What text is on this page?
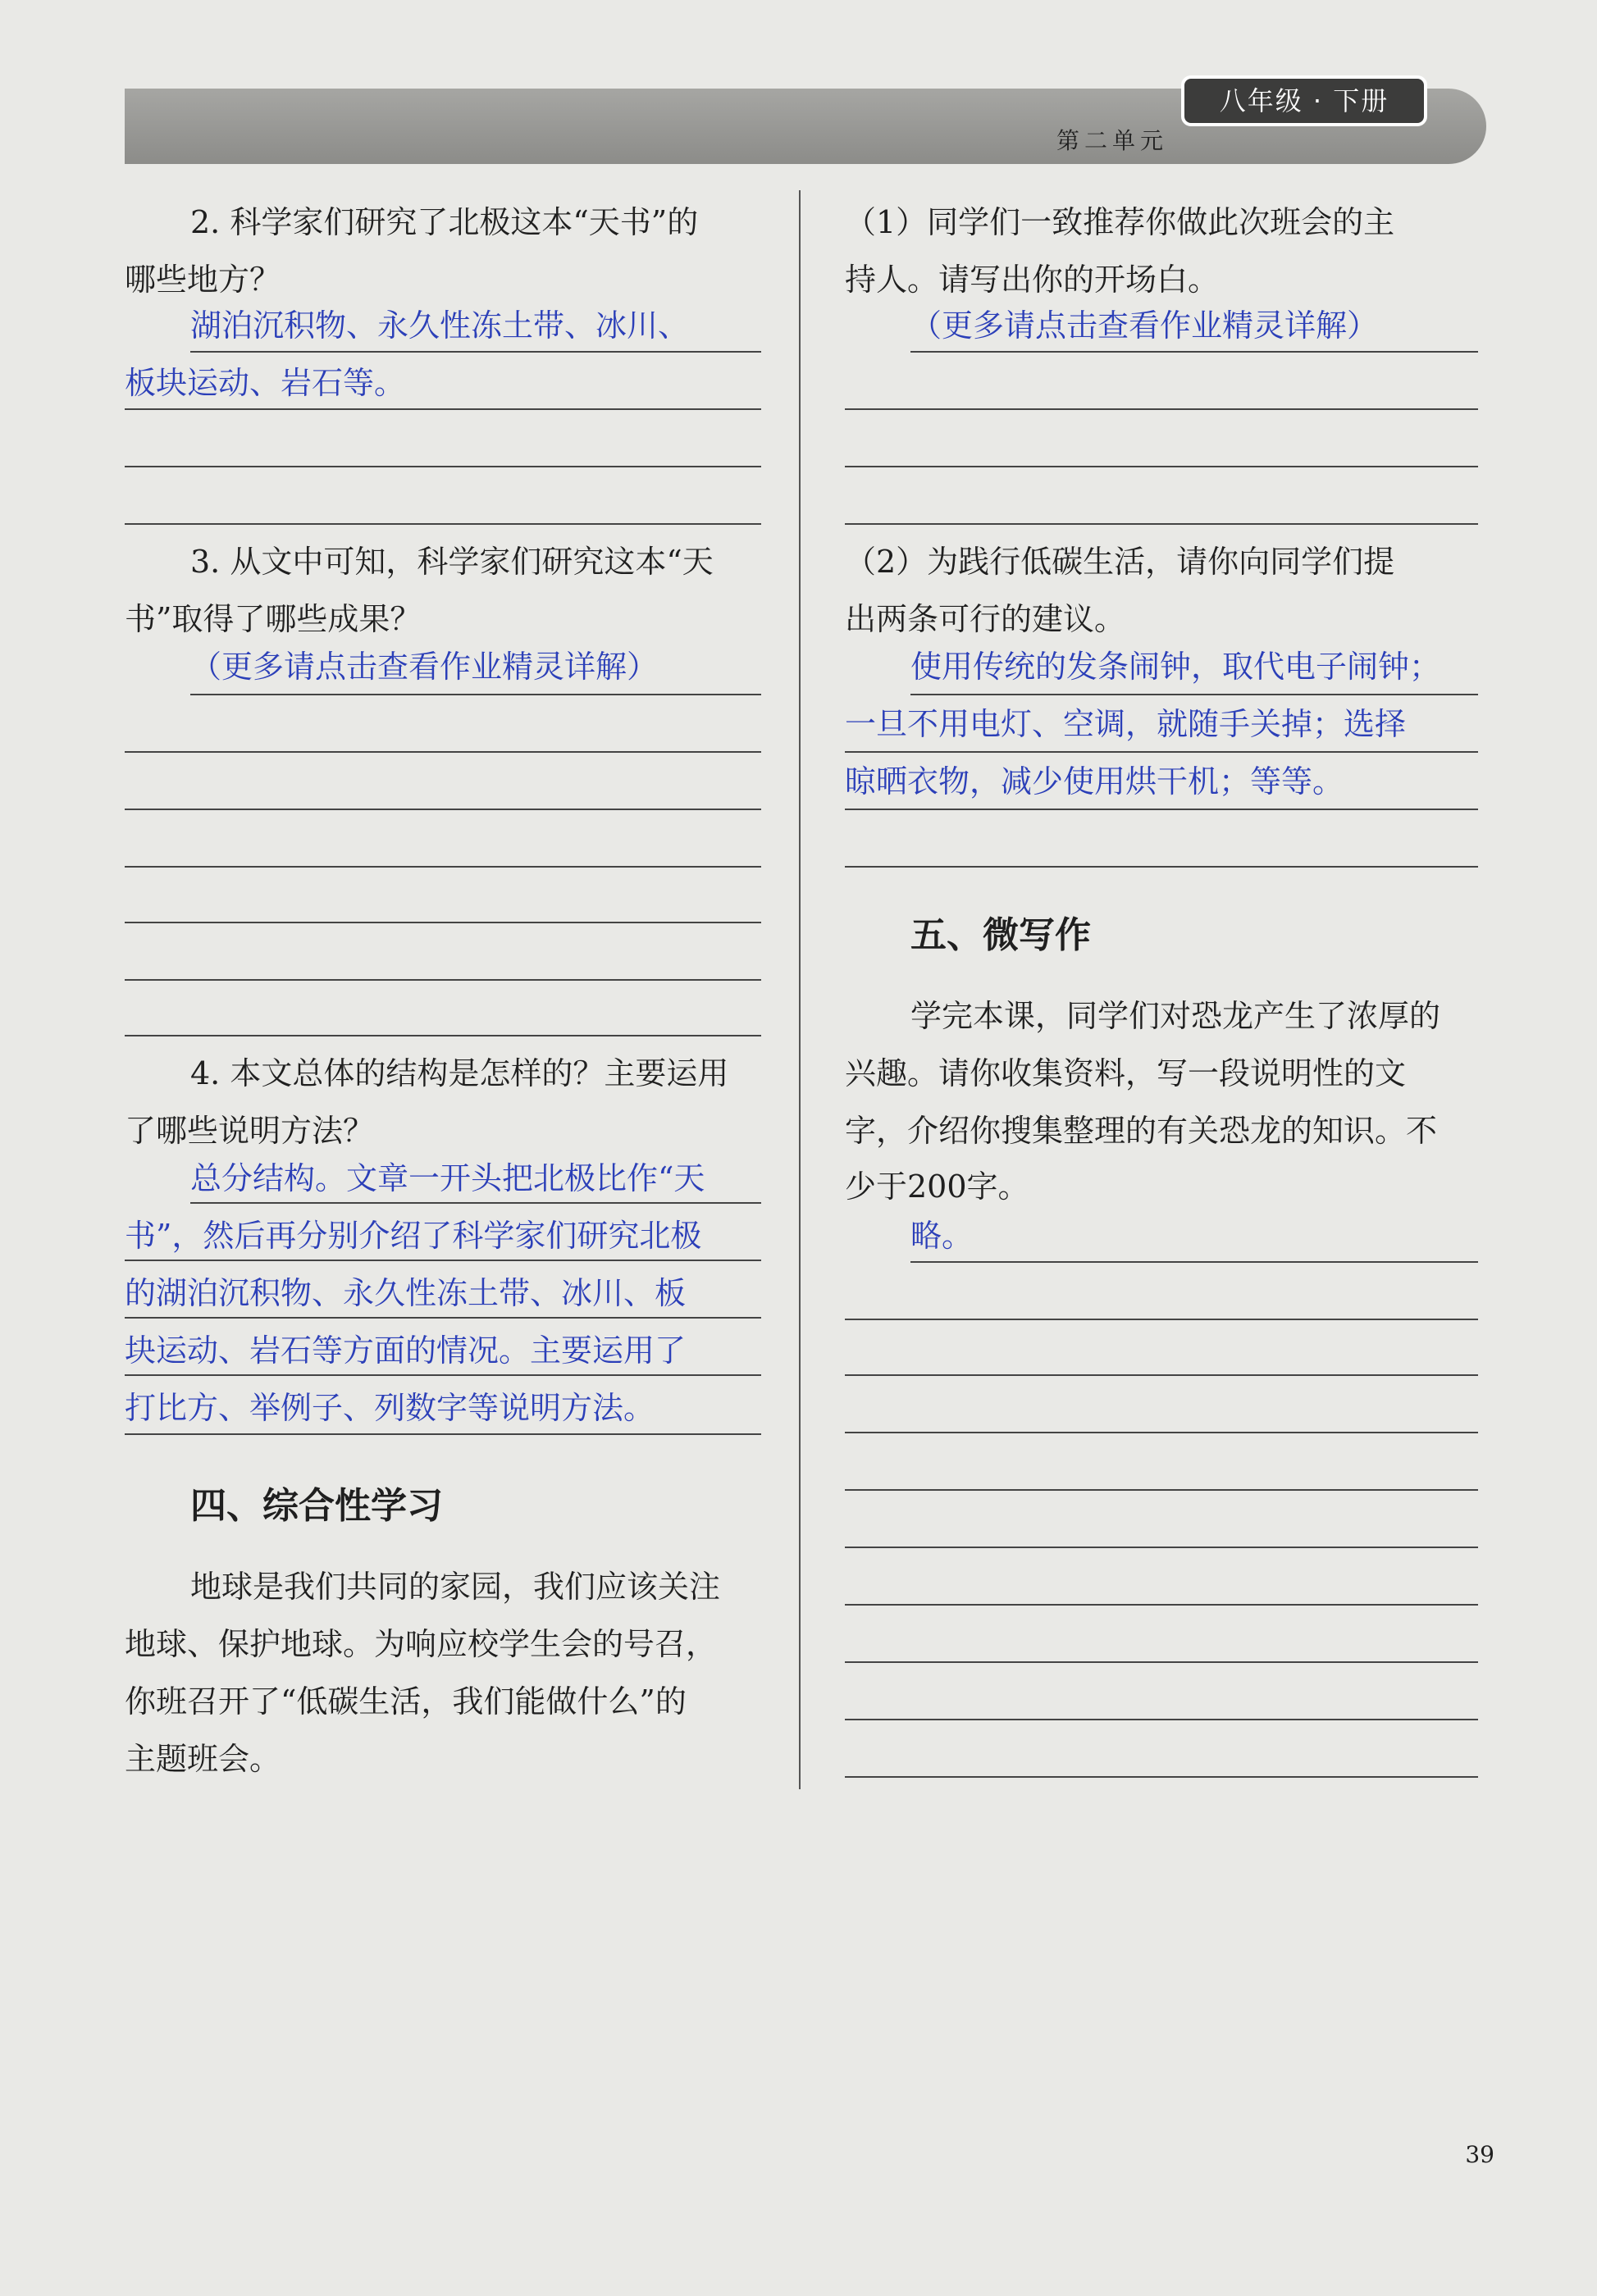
八年级 · 下册
第二单元
2. 科学家们研究了北极这本“天书”的
哪些地方？
湖泊沉积物、永久性冻土带、冰川、
板块运动、岩石等。
3. 从文中可知，科学家们研究这本“天
书”取得了哪些成果？
（更多请点击查看作业精灵详解）
4. 本文总体的结构是怎样的？主要运用
了哪些说明方法？
总分结构。文章一开头把北极比作“天
书”，然后再分别介绍了科学家们研究北极
的湖泊沉积物、永久性冻土带、冰川、板
块运动、岩石等方面的情况。主要运用了
打比方、举例子、列数字等说明方法。
四、综合性学习
地球是我们共同的家园，我们应该关注
地球、保护地球。为响应校学生会的号召，
你班召开了“低碳生活，我们能做什么”的
主题班会。
（1）同学们一致推荐你做此次班会的主
持人。请写出你的开场白。
（更多请点击查看作业精灵详解）
（2）为践行低碳生活，请你向同学们提
出两条可行的建议。
使用传统的发条闹钟，取代电子闹钟；
一旦不用电灯、空调，就随手关掉；选择
晾晒衣物，减少使用烘干机；等等。
五、微写作
学完本课，同学们对恐龙产生了浓厚的
兴趣。请你收集资料，写一段说明性的文
字，介绍你搜集整理的有关恐龙的知识。不
少于200字。
略。
39
